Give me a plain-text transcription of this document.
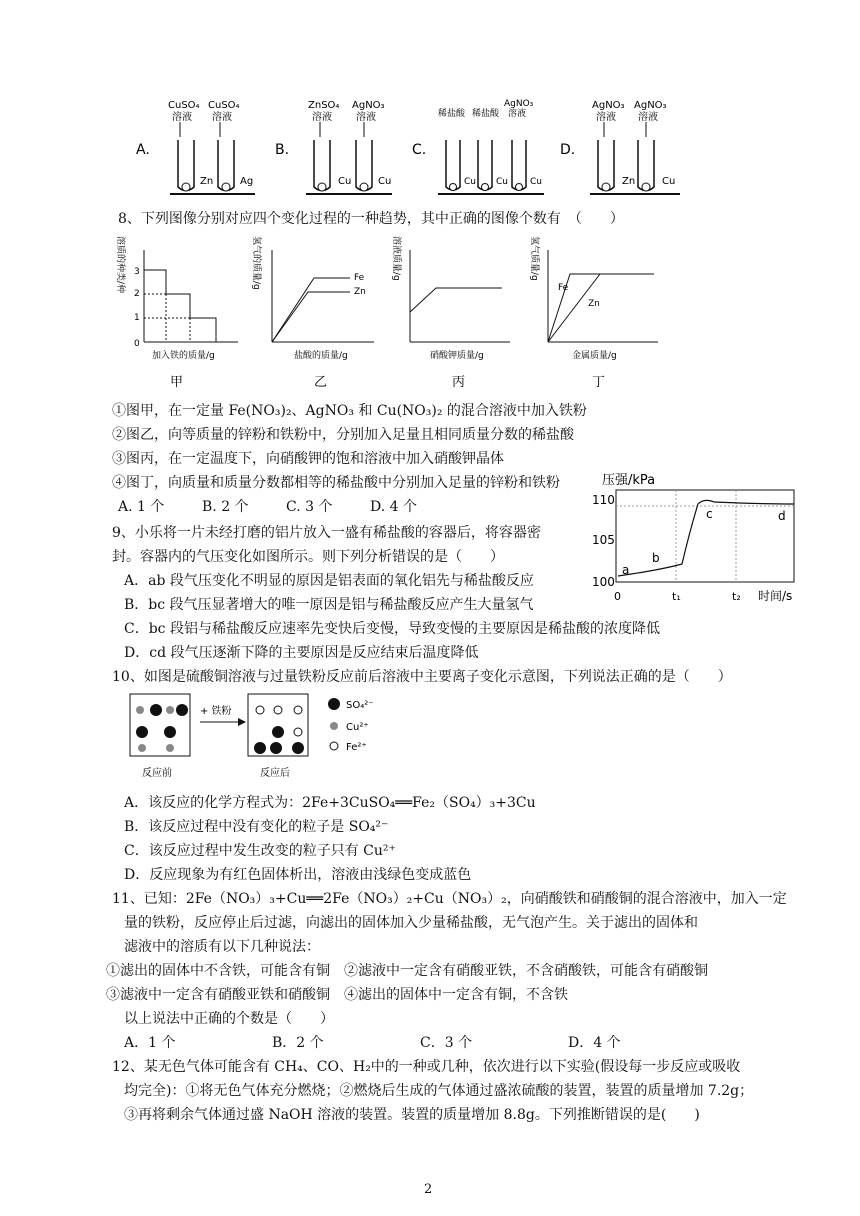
A.
CuSO₄
溶液
CuSO₄
溶液
Zn	Ag
B.
ZnSO₄
溶液
AgNO₃
溶液
Cu	Cu
C.
稀盐酸 稀盐酸
AgNO₃
溶液
Cu Cu Cu
D.
AgNO₃
溶液
AgNO₃
溶液
Zn	Cu
8、下列图像分别对应四个变化过程的一种趋势，其中正确的图像个数有　（　　）
溶质的种类/种 3
2
1
0
加入铁的质量/g
甲
氢气的质量/g	Fe
Zn
盐酸的质量/g
乙
溶液质量/g
硝酸钾质量/g
丙
氢气质量/g
Fe
Zn
金属质量/g
丁
①图甲，在一定量 Fe(NO₃)₂、AgNO₃ 和 Cu(NO₃)₂ 的混合溶液中加入铁粉
②图乙，向等质量的锌粉和铁粉中，分别加入足量且相同质量分数的稀盐酸
③图丙，在一定温度下，向硝酸钾的饱和溶液中加入硝酸钾晶体
④图丁，向质量和质量分数都相等的稀盐酸中分别加入足量的锌粉和铁粉
A. 1 个	B. 2 个	C. 3 个	D. 4 个
9、小乐将一片未经打磨的铝片放入一盛有稀盐酸的容器后，将容器密
封。容器内的气压变化如图所示。则下列分析错误的是（　　）
A．ab 段气压变化不明显的原因是铝表面的氧化铝先与稀盐酸反应
B．bc 段气压显著增大的唯一原因是铝与稀盐酸反应产生大量氢气
C．bc 段铝与稀盐酸反应速率先变快后变慢，导致变慢的主要原因是稀盐酸的浓度降低
D．cd 段气压逐渐下降的主要原因是反应结束后温度降低
压强/kPa
110
105
100
a
b
c	d
0	t₁	t₂ 时间/s
10、如图是硫酸铜溶液与过量铁粉反应前后溶液中主要离子变化示意图，下列说法正确的是（　　）
+ 铁粉
反应前	反应后
SO₄²⁻
Cu²⁺
Fe²⁺
A．该反应的化学方程式为：2Fe+3CuSO₄══Fe₂（SO₄）₃+3Cu
B．该反应过程中没有变化的粒子是 SO₄²⁻
C．该反应过程中发生改变的粒子只有 Cu²⁺
D．反应现象为有红色固体析出，溶液由浅绿色变成蓝色
11、已知：2Fe（NO₃）₃+Cu══2Fe（NO₃）₂+Cu（NO₃）₂，向硝酸铁和硝酸铜的混合溶液中，加入一定
量的铁粉，反应停止后过滤，向滤出的固体加入少量稀盐酸，无气泡产生。关于滤出的固体和
滤液中的溶质有以下几种说法：
①滤出的固体中不含铁，可能含有铜　②滤液中一定含有硝酸亚铁，不含硝酸铁，可能含有硝酸铜
③滤液中一定含有硝酸亚铁和硝酸铜　④滤出的固体中一定含有铜，不含铁
以上说法中正确的个数是（　　）
A．1 个	B．2 个	C．3 个	D．4 个
12、某无色气体可能含有 CH₄、CO、H₂中的一种或几种，依次进行以下实验(假设每一步反应或吸收
均完全)：①将无色气体充分燃烧；②燃烧后生成的气体通过盛浓硫酸的装置，装置的质量增加 7.2g；
③再将剩余气体通过盛 NaOH 溶液的装置。装置的质量增加 8.8g。下列推断错误的是(　　)
2
